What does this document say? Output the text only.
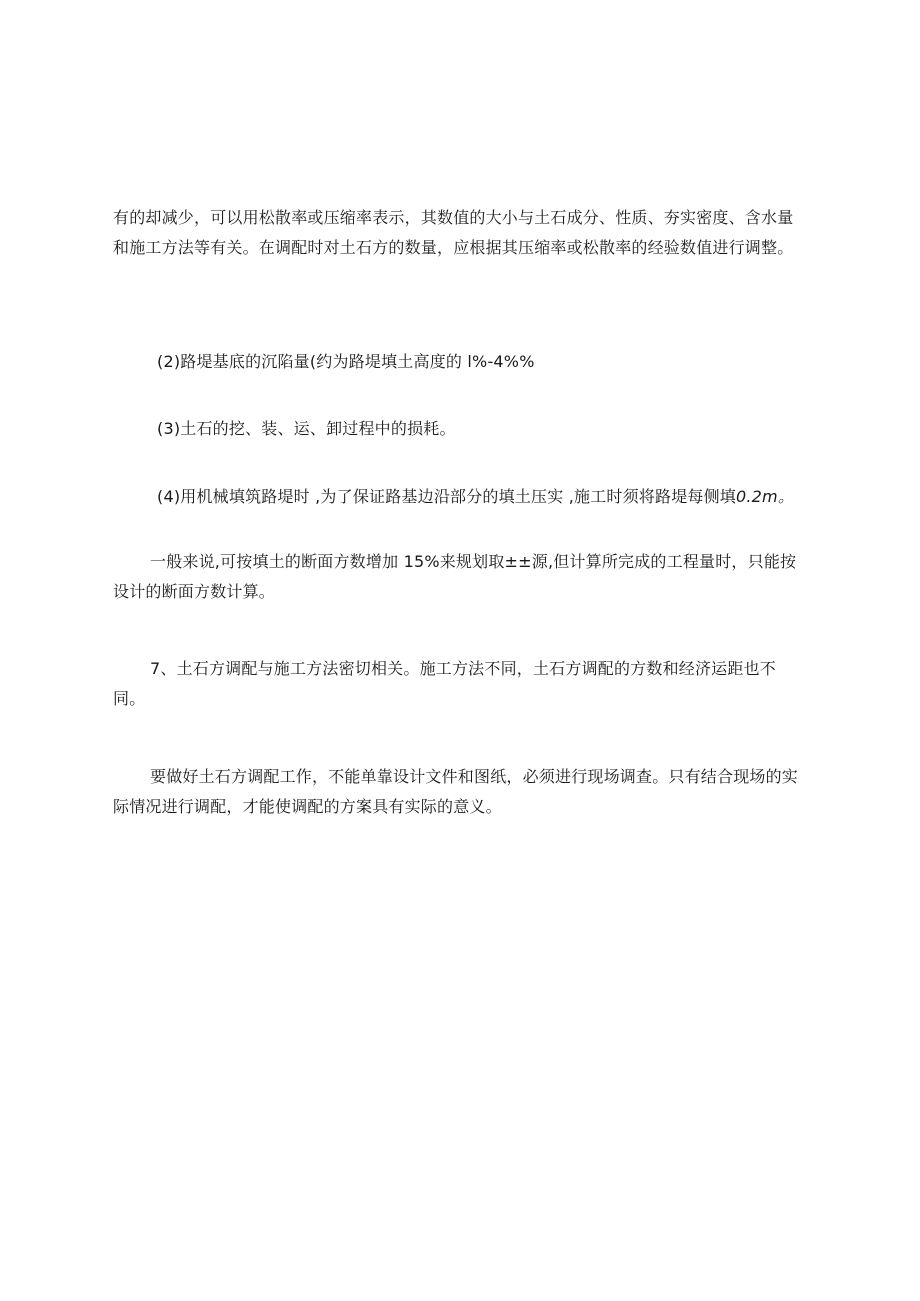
有的却减少，可以用松散率或压缩率表示，其数值的大小与土石成分、性质、夯实密度、含水量和施工方法等有关。在调配时对土石方的数量，应根据其压缩率或松散率的经验数值进行调整。

(2)路堤基底的沉陷量(约为路堤填土高度的 l%-4%%

(3)土石的挖、装、运、卸过程中的损耗。

(4)用机械填筑路堤时 ,为了保证路基边沿部分的填土压实 ,施工时须将路堤每侧填0.2m。

一般来说,可按填土的断面方数增加 15%来规划取±±源,但计算所完成的工程量时，只能按设计的断面方数计算。

7、土石方调配与施工方法密切相关。施工方法不同，土石方调配的方数和经济运距也不同。

要做好土石方调配工作，不能单靠设计文件和图纸，必须进行现场调查。只有结合现场的实际情况进行调配，才能使调配的方案具有实际的意义。
